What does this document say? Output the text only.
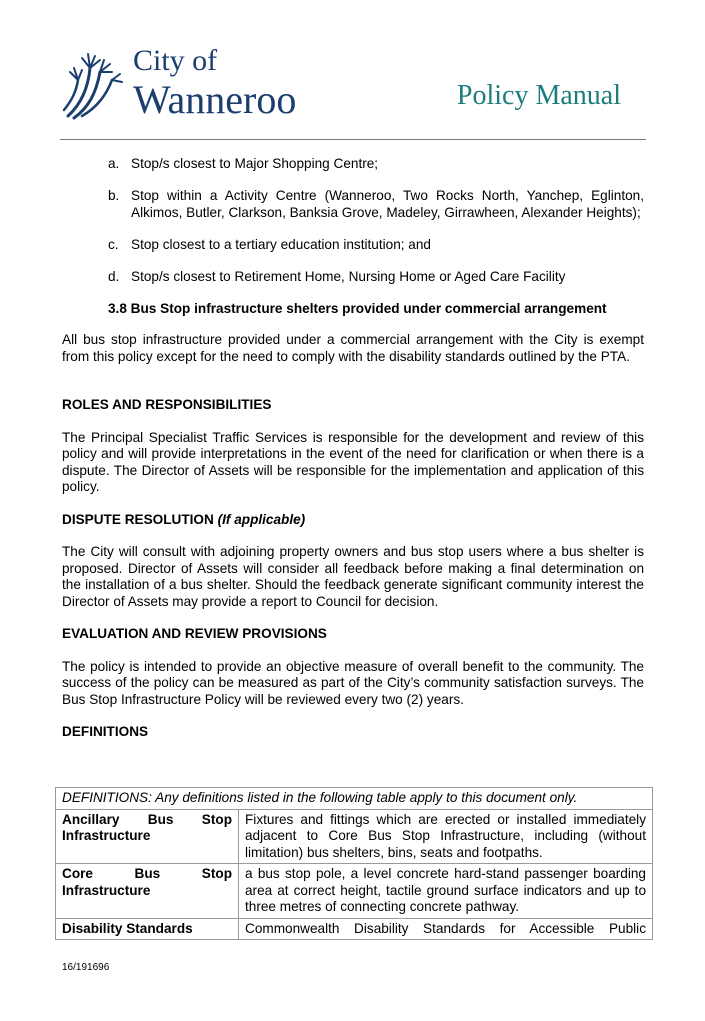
City of
Wanneroo	Policy Manual
a. Stop/s closest to Major Shopping Centre;
b. Stop within a Activity Centre (Wanneroo, Two Rocks North, Yanchep, Eglinton, Alkimos, Butler, Clarkson, Banksia Grove, Madeley, Girrawheen, Alexander Heights);
c. Stop closest to a tertiary education institution; and
d. Stop/s closest to Retirement Home, Nursing Home or Aged Care Facility
3.8 Bus Stop infrastructure shelters provided under commercial arrangement

All bus stop infrastructure provided under a commercial arrangement with the City is exempt from this policy except for the need to comply with the disability standards outlined by the PTA.

ROLES AND RESPONSIBILITIES

The Principal Specialist Traffic Services is responsible for the development and review of this policy and will provide interpretations in the event of the need for clarification or when there is a dispute. The Director of Assets will be responsible for the implementation and application of this policy.

DISPUTE RESOLUTION (If applicable)

The City will consult with adjoining property owners and bus stop users where a bus shelter is proposed. Director of Assets will consider all feedback before making a final determination on the installation of a bus shelter. Should the feedback generate significant community interest the Director of Assets may provide a report to Council for decision.

EVALUATION AND REVIEW PROVISIONS

The policy is intended to provide an objective measure of overall benefit to the community. The success of the policy can be measured as part of the City’s community satisfaction surveys. The Bus Stop Infrastructure Policy will be reviewed every two (2) years.

DEFINITIONS
DEFINITIONS: Any definitions listed in the following table apply to this document only.	
Ancillary Bus Stop Infrastructure	Fixtures and fittings which are erected or installed immediately adjacent to Core Bus Stop Infrastructure, including (without limitation) bus shelters, bins, seats and footpaths.
Core Bus Stop Infrastructure	a bus stop pole, a level concrete hard-stand passenger boarding area at correct height, tactile ground surface indicators and up to three metres of connecting concrete pathway.
Disability Standards	Commonwealth Disability Standards for Accessible Public
16/191696
